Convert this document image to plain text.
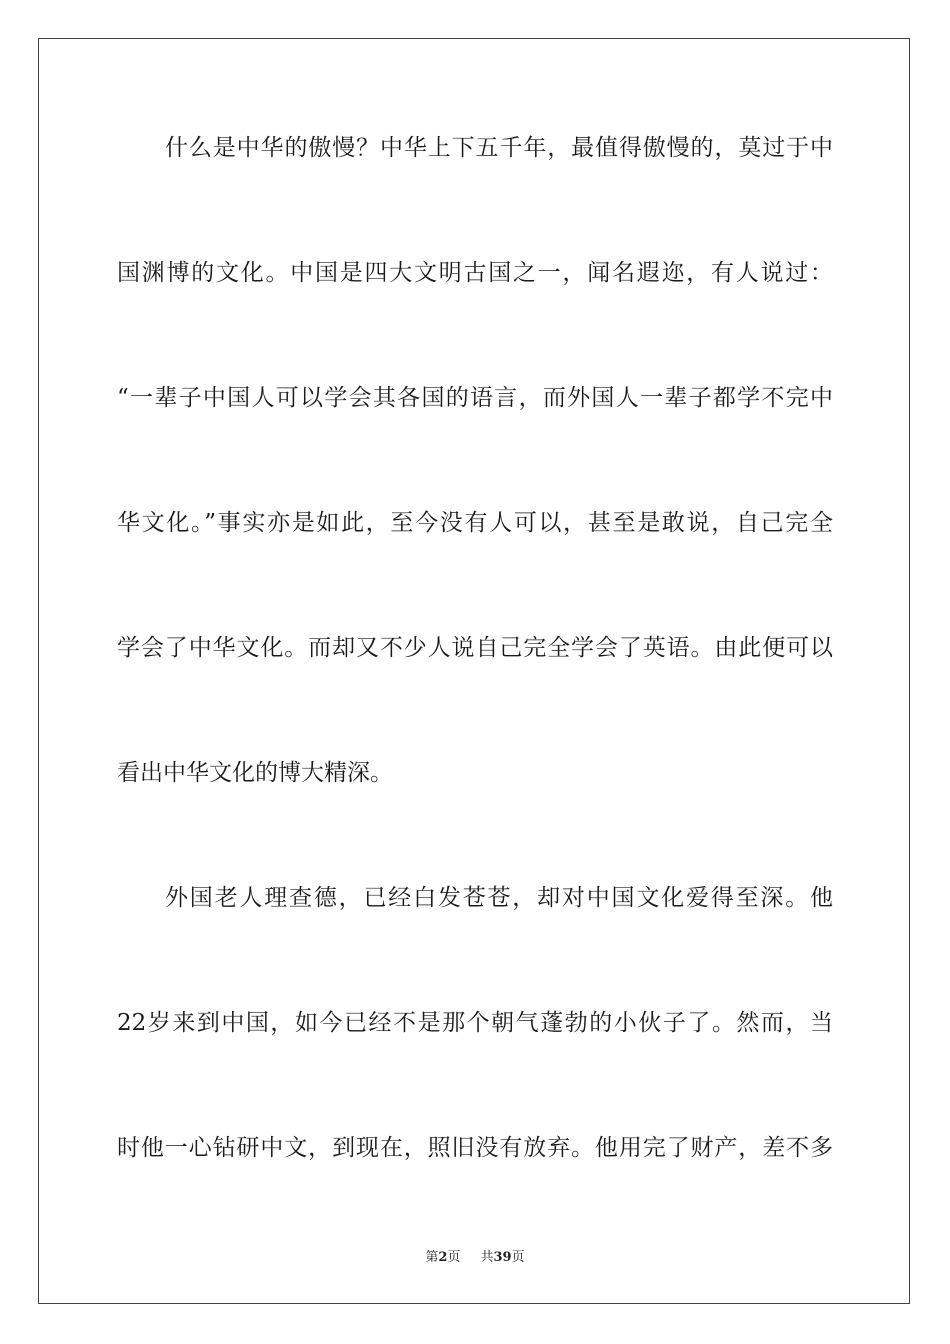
什么是中华的傲慢？中华上下五千年，最值得傲慢的，莫过于中
国渊博的文化。中国是四大文明古国之一，闻名遐迩，有人说过：
“一辈子中国人可以学会其各国的语言，而外国人一辈子都学不完中
华文化。”事实亦是如此，至今没有人可以，甚至是敢说，自己完全
学会了中华文化。而却又不少人说自己完全学会了英语。由此便可以
看出中华文化的博大精深。
外国老人理查德，已经白发苍苍，却对中国文化爱得至深。他
22岁来到中国，如今已经不是那个朝气蓬勃的小伙子了。然而，当
时他一心钻研中文，到现在，照旧没有放弃。他用完了财产，差不多
第2页 共39页
